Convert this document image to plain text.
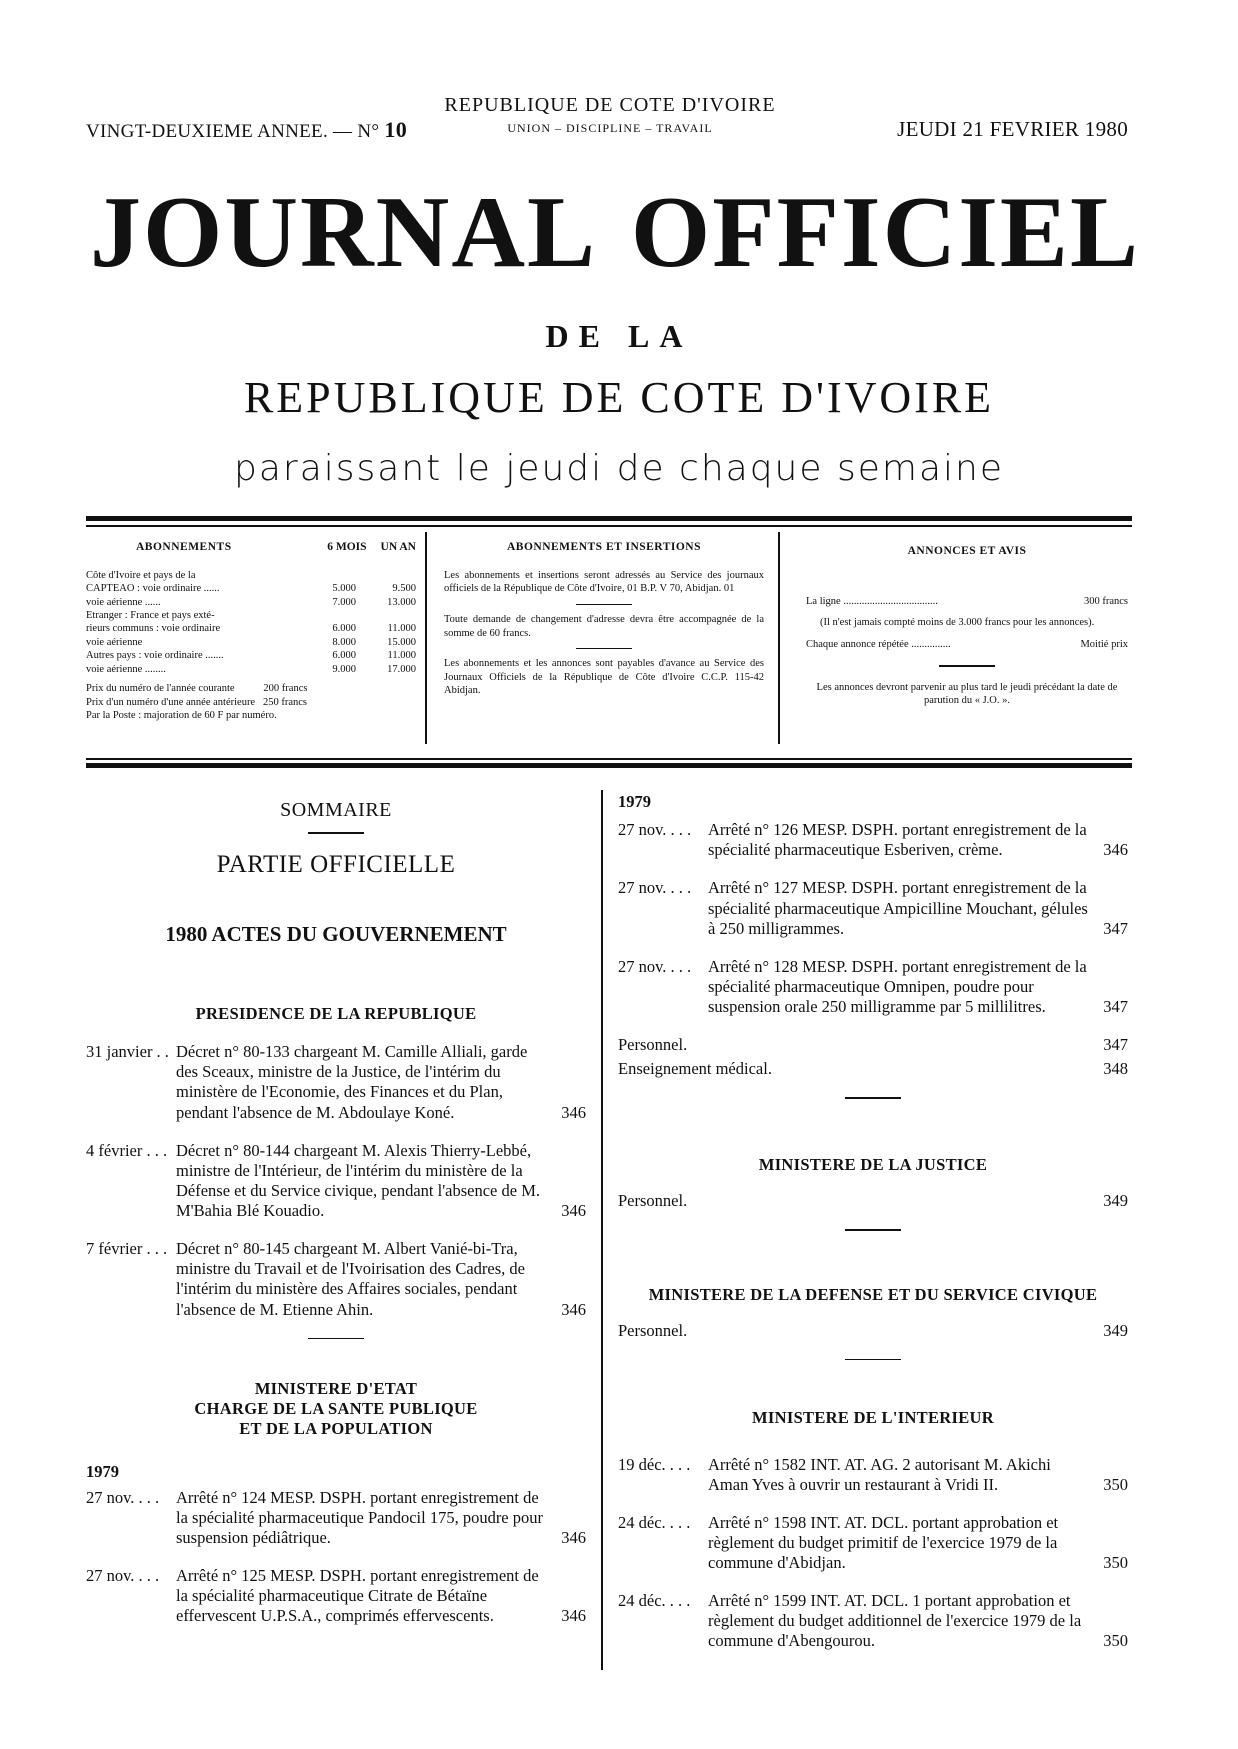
VINGT-DEUXIEME ANNEE. — N° 10
REPUBLIQUE DE COTE D'IVOIRE
UNION – DISCIPLINE – TRAVAIL	JEUDI 21 FEVRIER 1980
JOURNAL OFFICIEL
DE LA
REPUBLIQUE DE COTE D'IVOIRE
paraissant le jeudi de chaque semaine
ABONNEMENTS	6 MOIS UN AN
Côte d'Ivoire et pays de la
CAPTEAO : voie ordinaire ......	5.000	9.500
voie aérienne ......	7.000	13.000
Etranger : France et pays exté-
rieurs communs : voie ordinaire	6.000	11.000
voie aérienne	8.000	15.000
Autres pays : voie ordinaire .......	6.000	11.000
voie aérienne ........	9.000	17.000
Prix du numéro de l'année courante           200 francs
Prix d'un numéro d'une année antérieure   250 francs
Par la Poste : majoration de 60 F par numéro.
ABONNEMENTS ET INSERTIONS
Les abonnements et insertions seront adressés au Service des journaux officiels de la République de Côte d'Ivoire, 01 B.P. V 70, Abidjan. 01
Toute demande de changement d'adresse devra être accompagnée de la somme de 60 francs.
Les abonnements et les annonces sont payables d'avance au Service des Journaux Officiels de la République de Côte d'Ivoire C.C.P. 115-42 Abidjan.
ANNONCES ET AVIS
La ligne ....................................	300 francs
(Il n'est jamais compté moins de 3.000 francs pour les annonces).
Chaque annonce répétée ...............	Moitié prix
Les annonces devront parvenir au plus tard le jeudi précédant la date de parution du « J.O. ».
SOMMAIRE
PARTIE OFFICIELLE
1980 ACTES DU GOUVERNEMENT
PRESIDENCE DE LA REPUBLIQUE
31 janvier . . Décret n° 80-133 chargeant M. Camille Alliali, garde des Sceaux, ministre de la Justice, de l'intérim du ministère de l'Economie, des Finances et du Plan, pendant l'absence de M. Abdoulaye Koné.	346
4 février . . . Décret n° 80-144 chargeant M. Alexis Thierry-Lebbé, ministre de l'Intérieur, de l'intérim du ministère de la Défense et du Service civique, pendant l'absence de M. M'Bahia Blé Kouadio.	346
7 février . . . Décret n° 80-145 chargeant M. Albert Vanié-bi-Tra, ministre du Travail et de l'Ivoirisation des Cadres, de l'intérim du ministère des Affaires sociales, pendant l'absence de M. Etienne Ahin.	346
MINISTERE D'ETAT
CHARGE DE LA SANTE PUBLIQUE
ET DE LA POPULATION
1979
27 nov. . . .	Arrêté n° 124 MESP. DSPH. portant enregistrement de la spécialité pharmaceutique Pandocil 175, poudre pour suspension pédiâtrique.	346
27 nov. . . .	Arrêté n° 125 MESP. DSPH. portant enregistrement de la spécialité pharmaceutique Citrate de Bétaïne effervescent U.P.S.A., comprimés effervescents.	346
1979
27 nov. . . .	Arrêté n° 126 MESP. DSPH. portant enregistrement de la spécialité pharmaceutique Esberiven, crème.	346
27 nov. . . .	Arrêté n° 127 MESP. DSPH. portant enregistrement de la spécialité pharmaceutique Ampicilline Mouchant, gélules à 250 milligrammes.	347
27 nov. . . .	Arrêté n° 128 MESP. DSPH. portant enregistrement de la spécialité pharmaceutique Omnipen, poudre pour suspension orale 250 milligramme par 5 millilitres.	347
Personnel.	347
Enseignement médical.	348
MINISTERE DE LA JUSTICE
Personnel.	349
MINISTERE DE LA DEFENSE ET DU SERVICE CIVIQUE
Personnel.	349
MINISTERE DE L'INTERIEUR
19 déc. . . .	Arrêté n° 1582 INT. AT. AG. 2 autorisant M. Akichi Aman Yves à ouvrir un restaurant à Vridi II.	350
24 déc. . . .	Arrêté n° 1598 INT. AT. DCL. portant approbation et règlement du budget primitif de l'exercice 1979 de la commune d'Abidjan.	350
24 déc. . . .	Arrêté n° 1599 INT. AT. DCL. 1 portant approbation et règlement du budget additionnel de l'exercice 1979 de la commune d'Abengourou.	350
